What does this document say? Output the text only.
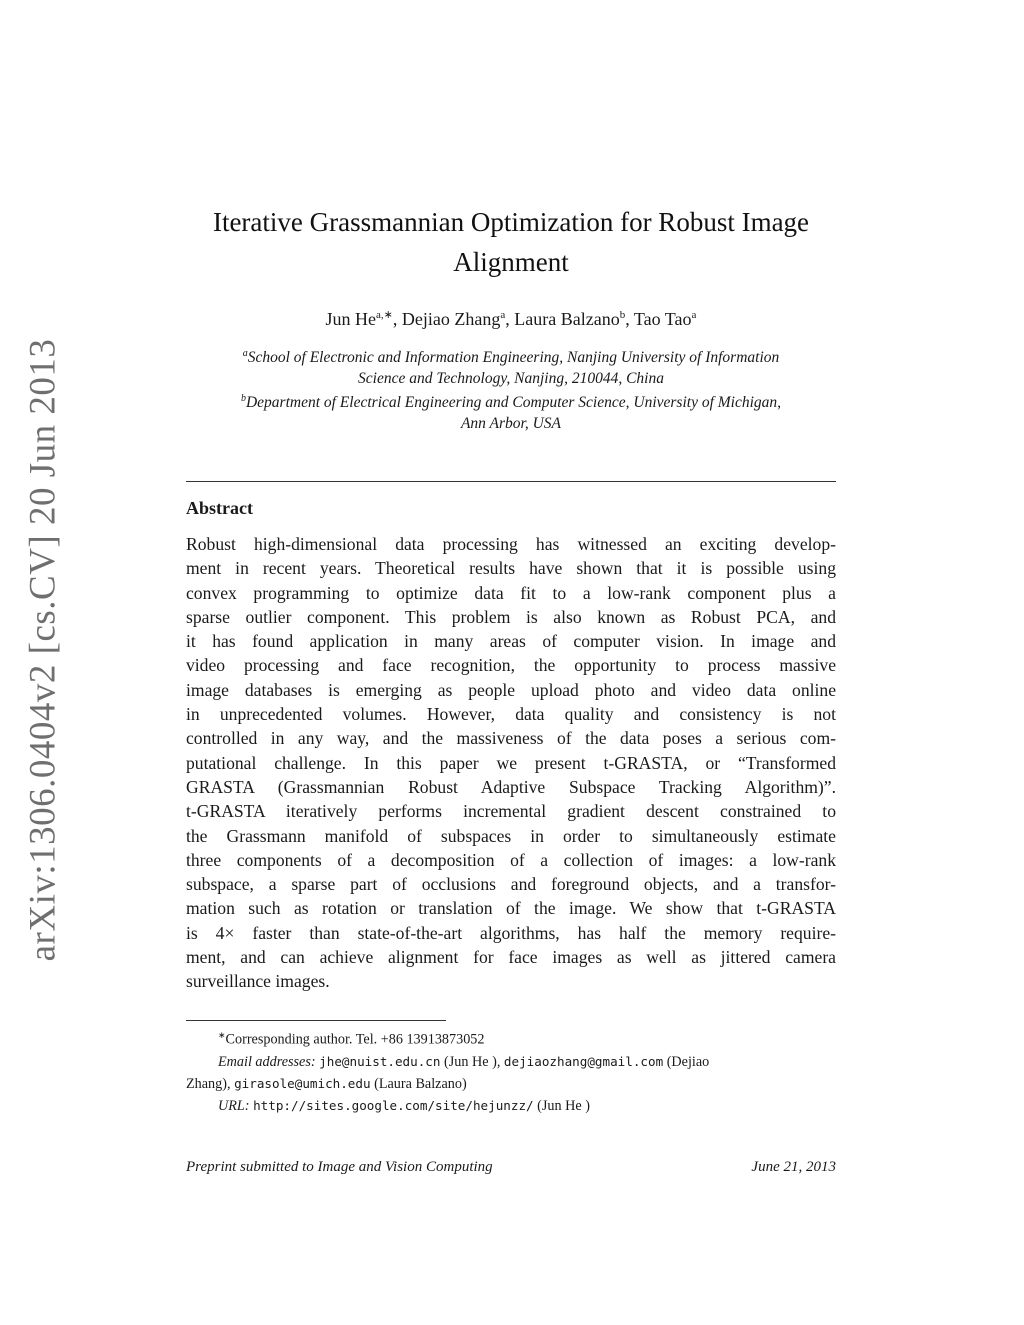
arXiv:1306.0404v2 [cs.CV] 20 Jun 2013
Iterative Grassmannian Optimization for Robust Image
Alignment
Jun $He^{a,∗}$, Dejiao Zhang$^a$, Laura Balzano$^b$, Tao Tao$^a$
$^a$School of Electronic and Information Engineering, Nanjing University of Information
Science and Technology, Nanjing, 210044, China
$^b$Department of Electrical Engineering and Computer Science, University of Michigan,
Ann Arbor, USA
Abstract
Robust high-dimensional data processing has witnessed an exciting develop-
ment in recent years. Theoretical results have shown that it is possible using
convex programming to optimize data fit to a low-rank component plus a
sparse outlier component. This problem is also known as Robust PCA, and
it has found application in many areas of computer vision. In image and
video processing and face recognition, the opportunity to process massive
image databases is emerging as people upload photo and video data online
in unprecedented volumes. However, data quality and consistency is not
controlled in any way, and the massiveness of the data poses a serious com-
putational challenge. In this paper we present t-GRASTA, or “Transformed
GRASTA (Grassmannian Robust Adaptive Subspace Tracking Algorithm)”.
t-GRASTA iteratively performs incremental gradient descent constrained to
the Grassmann manifold of subspaces in order to simultaneously estimate
three components of a decomposition of a collection of images: a low-rank
subspace, a sparse part of occlusions and foreground objects, and a transfor-
mation such as rotation or translation of the image. We show that t-GRASTA
is 4× faster than state-of-the-art algorithms, has half the memory require-
ment, and can achieve alignment for face images as well as jittered camera
surveillance images.
∗Corresponding author. Tel. +86 13913873052
Email addresses: jhe@nuist.edu.cn (Jun He ), dejiaozhang@gmail.com (Dejiao
Zhang), girasole@umich.edu (Laura Balzano)
URL: http://sites.google.com/site/hejunzz/ (Jun He )
Preprint submitted to Image and Vision Computing	June 21, 2013
